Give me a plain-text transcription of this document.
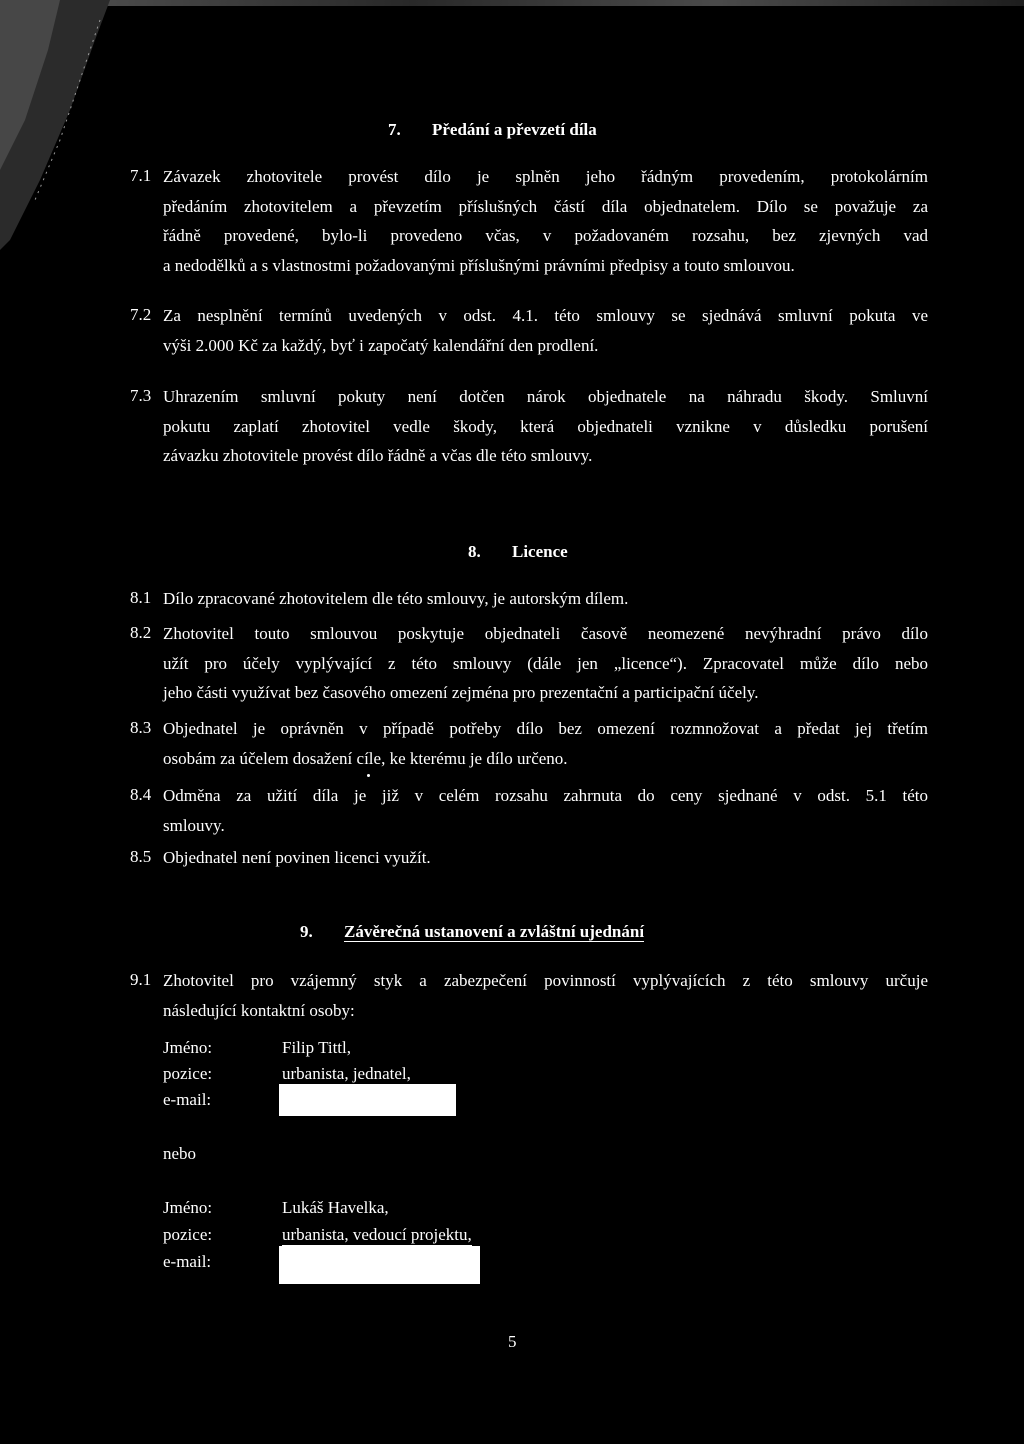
7. Předání a převzetí díla
7.1 Závazek zhotovitele provést dílo je splněn jeho řádným provedením, protokolárním
předáním zhotovitelem a převzetím příslušných částí díla objednatelem. Dílo se považuje za
řádně provedené, bylo-li provedeno včas, v požadovaném rozsahu, bez zjevných vad
a nedodělků a s vlastnostmi požadovanými příslušnými právními předpisy a touto smlouvou.
7.2 Za nesplnění termínů uvedených v odst. 4.1. této smlouvy se sjednává smluvní pokuta ve
výši 2.000 Kč za každý, byť i započatý kalendářní den prodlení.
7.3 Uhrazením smluvní pokuty není dotčen nárok objednatele na náhradu škody. Smluvní
pokutu zaplatí zhotovitel vedle škody, která objednateli vznikne v důsledku porušení
závazku zhotovitele provést dílo řádně a včas dle této smlouvy.
8. Licence
8.1 Dílo zpracované zhotovitelem dle této smlouvy, je autorským dílem.
8.2 Zhotovitel touto smlouvou poskytuje objednateli časově neomezené nevýhradní právo dílo
užít pro účely vyplývající z této smlouvy (dále jen „licence“). Zpracovatel může dílo nebo
jeho části využívat bez časového omezení zejména pro prezentační a participační účely.
8.3 Objednatel je oprávněn v případě potřeby dílo bez omezení rozmnožovat a předat jej třetím
osobám za účelem dosažení cíle, ke kterému je dílo určeno.
8.4 Odměna za užití díla je již v celém rozsahu zahrnuta do ceny sjednané v odst. 5.1 této
smlouvy.
8.5 Objednatel není povinen licenci využít.
9. Závěrečná ustanovení a zvláštní ujednání
9.1 Zhotovitel pro vzájemný styk a zabezpečení povinností vyplývajících z této smlouvy určuje
následující kontaktní osoby:
Jméno:	Filip Tittl,
pozice:	urbanista, jednatel,
e-mail:
nebo
Jméno:	Lukáš Havelka,
pozice:	urbanista, vedoucí projektu,
e-mail:
5
